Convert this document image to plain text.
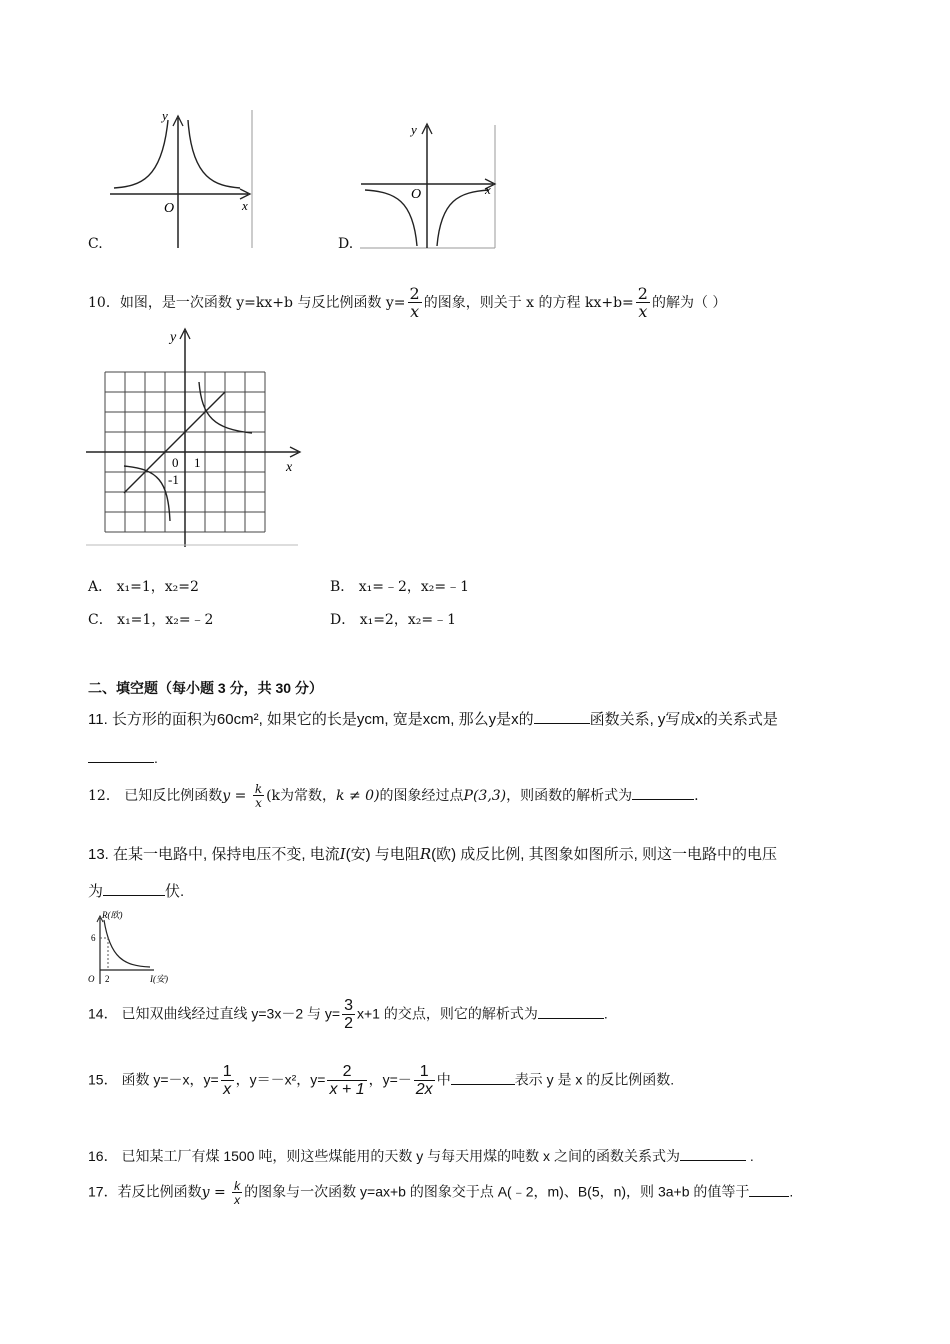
y
x
O
C.
y
x
O
D.
10．如图，是一次函数 y=kx+b 与反比例函数 $y= \frac{2}{x}$ 的图象，则关于 x 的方程 $kx+b= \frac{2}{x}$ 的解为（ ）
y
x
0 1
-1
A． x₁=1，x₂=2	B． x₁=﹣2，x₂=﹣1
C． x₁=1，x₂=﹣2	D． x₁=2，x₂=﹣1
二、填空题（每小题 3 分，共 30 分）
11. 长方形的面积为60cm², 如果它的长是ycm, 宽是xcm, 那么y是x的	函数关系, y写成x的关系式是
.
12． 已知反比例函数$y = \frac{k}{x} (k$为常数，k ≠ 0)的图象经过点P(3,3)，则函数的解析式为	.
13. 在某一电路中, 保持电压不变, 电流I(安) 与电阻R(欧) 成反比例, 其图象如图所示, 则这一电路中的电压
为	伏.
R(欧)
I(安)
O 2
6
14． 已知双曲线经过直线 y=3x－2 与 $y= \frac{3}{2} x+1$ 的交点，则它的解析式为	.
15． 函数 y=－x，$y= \frac{1}{x}$ ，y＝－x²，$y= \frac{2}{x + 1}$ ，$y=- \frac{1}{2x}$ 中	表示 y 是 x 的反比例函数.
16． 已知某工厂有煤 1500 吨，则这些煤能用的天数 y 与每天用煤的吨数 x 之间的函数关系式为	.
17．若反比例函数$y = \frac{k}{x}$ 的图象与一次函数 y=ax+b 的图象交于点 A(﹣2，m)、B(5，n)，则 3a+b 的值等于	.
